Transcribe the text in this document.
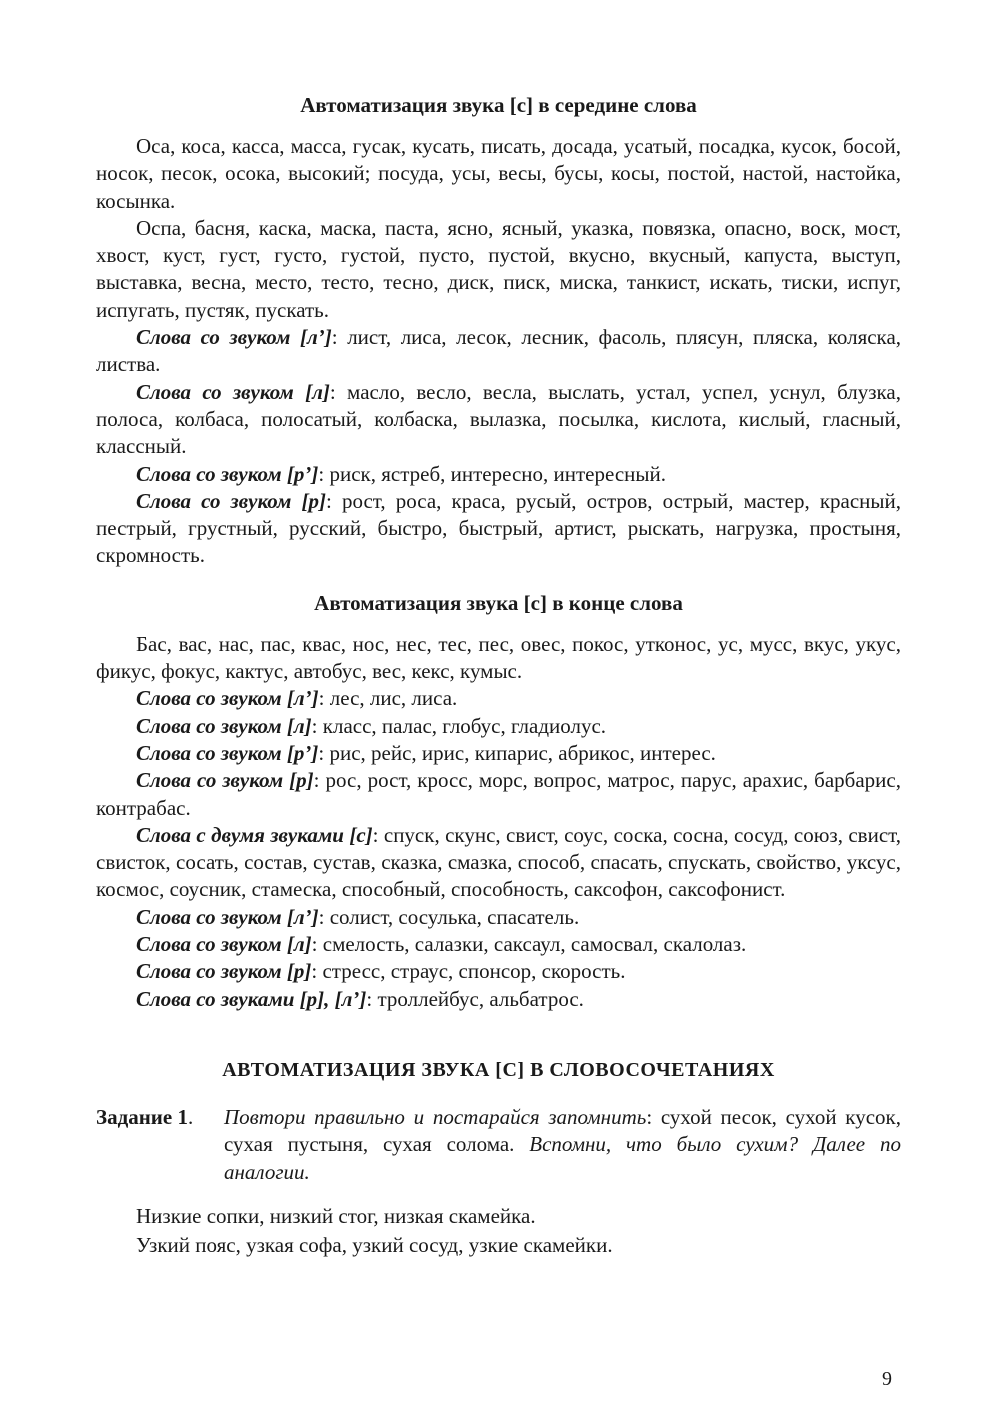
Автоматизация звука [с] в середине слова

Оса, коса, касса, масса, гусак, кусать, писать, досада, усатый, посадка, кусок, босой, носок, песок, осока, высокий; посуда, усы, весы, бусы, косы, постой, настой, настойка, косынка.

Оспа, басня, каска, маска, паста, ясно, ясный, указка, повязка, опасно, воск, мост, хвост, куст, густ, густо, густой, пусто, пустой, вкусно, вкусный, капуста, выступ, выставка, весна, место, тесто, тесно, диск, писк, миска, танкист, искать, тиски, испуг, испугать, пустяк, пускать.

Слова со звуком [л’]: лист, лиса, лесок, лесник, фасоль, плясун, пляска, коляска, листва.

Слова со звуком [л]: масло, весло, весла, выслать, устал, успел, уснул, блузка, полоса, колбаса, полосатый, колбаска, вылазка, посылка, кислота, кислый, гласный, классный.

Слова со звуком [р’]: риск, ястреб, интересно, интересный.

Слова со звуком [р]: рост, роса, краса, русый, остров, острый, мастер, красный, пестрый, грустный, русский, быстро, быстрый, артист, рыскать, нагрузка, простыня, скромность.

Автоматизация звука [с] в конце слова

Бас, вас, нас, пас, квас, нос, нес, тес, пес, овес, покос, утконос, ус, мусс, вкус, укус, фикус, фокус, кактус, автобус, вес, кекс, кумыс.

Слова со звуком [л’]: лес, лис, лиса.

Слова со звуком [л]: класс, палас, глобус, гладиолус.

Слова со звуком [р’]: рис, рейс, ирис, кипарис, абрикос, интерес.

Слова со звуком [р]: рос, рост, кросс, морс, вопрос, матрос, парус, арахис, барбарис, контрабас.

Слова с двумя звуками [с]: спуск, скунс, свист, соус, соска, сосна, сосуд, союз, свист, свисток, сосать, состав, сустав, сказка, смазка, способ, спасать, спускать, свойство, уксус, космос, соусник, стамеска, способный, способность, саксофон, саксофонист.

Слова со звуком [л’]: солист, сосулька, спасатель.

Слова со звуком [л]: смелость, салазки, саксаул, самосвал, скалолаз.

Слова со звуком [р]: стресс, страус, спонсор, скорость.

Слова со звуками [р], [л’]: троллейбус, альбатрос.

АВТОМАТИЗАЦИЯ ЗВУКА [С] В СЛОВОСОЧЕТАНИЯХ
Задание 1. Повтори правильно и постарайся запомнить: сухой песок, сухой кусок, сухая пустыня, сухая солома. Вспомни, что было сухим? Далее по аналогии.

Низкие сопки, низкий стог, низкая скамейка.

Узкий пояс, узкая софа, узкий сосуд, узкие скамейки.

9
